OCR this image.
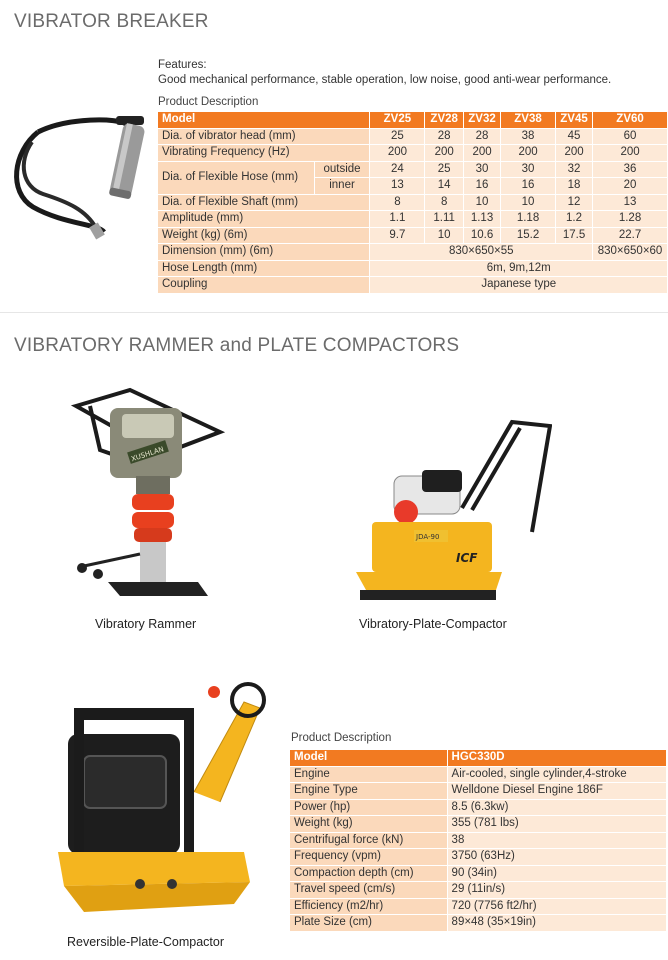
VIBRATOR BREAKER
Features:
Good mechanical performance, stable operation, low noise, good anti-wear performance.
Product Description
Model		ZV25	ZV28	ZV32	ZV38	ZV45	ZV60
Dia. of vibrator head (mm)		25	28	28	38	45	60
Vibrating Frequency (Hz)		200	200	200	200	200	200
Dia. of Flexible Hose (mm)	outside	24	25	30	30	32	36
	inner	13	14	16	16	18	20
Dia. of Flexible Shaft (mm)		8	8	10	10	12	13
Amplitude (mm)		1.1	1.11	1.13	1.18	1.2	1.28
Weight (kg) (6m)		9.7	10	10.6	15.2	17.5	22.7
Dimension (mm) (6m)		830×650×55					830×650×60
Hose Length (mm)		6m, 9m,12m					
Coupling		Japanese type					
VIBRATORY RAMMER and PLATE COMPACTORS
XUSHLAN
JDA-90
ICF
Vibratory Rammer	Vibratory-Plate-Compactor
Reversible-Plate-Compactor
Product Description
Model	HGC330D
Engine	Air-cooled, single cylinder,4-stroke
Engine Type	Welldone Diesel Engine 186F
Power (hp)	8.5 (6.3kw)
Weight (kg)	355 (781 lbs)
Centrifugal force (kN)	38
Frequency (vpm)	3750 (63Hz)
Compaction depth (cm)	90 (34in)
Travel speed (cm/s)	29 (11in/s)
Efficiency (m2/hr)	720 (7756 ft2/hr)
Plate Size (cm)	89×48 (35×19in)
